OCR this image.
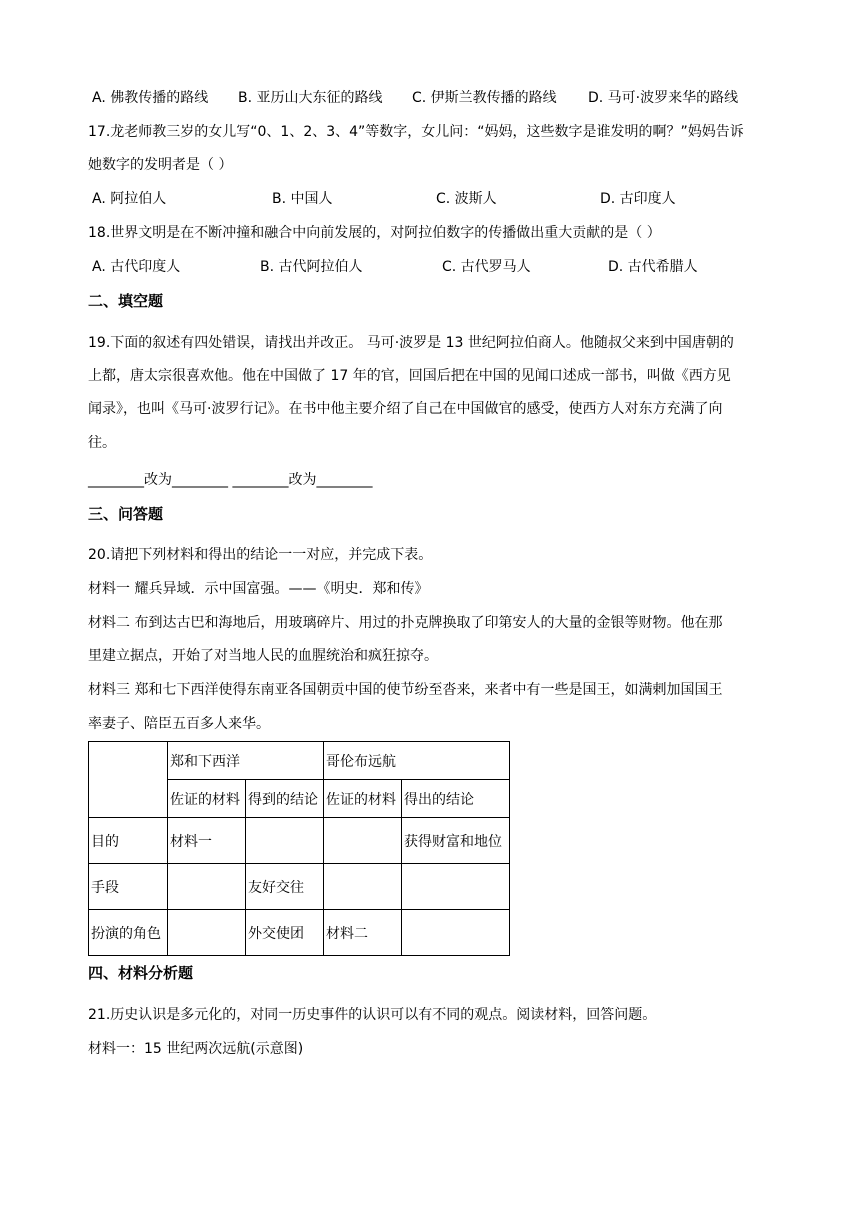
A. 佛教传播的路线 B. 亚历山大东征的路线 C. 伊斯兰教传播的路线 D. 马可·波罗来华的路线
17.龙老师教三岁的女儿写“0、1、2、3、4”等数字，女儿问：“妈妈，这些数字是谁发明的啊？”妈妈告诉
她数字的发明者是（ ）
A. 阿拉伯人	B. 中国人	C. 波斯人	D. 古印度人
18.世界文明是在不断冲撞和融合中向前发展的，对阿拉伯数字的传播做出重大贡献的是（ ）
A. 古代印度人	B. 古代阿拉伯人	C. 古代罗马人	D. 古代希腊人
二、填空题
19.下面的叙述有四处错误，请找出并改正。 马可·波罗是 13 世纪阿拉伯商人。他随叔父来到中国唐朝的
上都，唐太宗很喜欢他。他在中国做了 17 年的官，回国后把在中国的见闻口述成一部书，叫做《西方见
闻录》，也叫《马可·波罗行记》。在书中他主要介绍了自己在中国做官的感受，使西方人对东方充满了向
往。
________改为________ ________改为________
三、问答题
20.请把下列材料和得出的结论一一对应，并完成下表。
材料一 耀兵异域．示中国富强。——《明史．郑和传》
材料二 布到达古巴和海地后，用玻璃碎片、用过的扑克牌换取了印第安人的大量的金银等财物。他在那
里建立据点，开始了对当地人民的血腥统治和疯狂掠夺。
材料三 郑和七下西洋使得东南亚各国朝贡中国的使节纷至沓来，来者中有一些是国王，如满剌加国国王
率妻子、陪臣五百多人来华。
	郑和下西洋		哥伦布远航	
	佐证的材料	得到的结论	佐证的材料	得出的结论
目的	材料一			获得财富和地位
手段		友好交往		
扮演的角色		外交使团	材料二	
四、材料分析题
21.历史认识是多元化的，对同一历史事件的认识可以有不同的观点。阅读材料，回答问题。
材料一：15 世纪两次远航(示意图)
